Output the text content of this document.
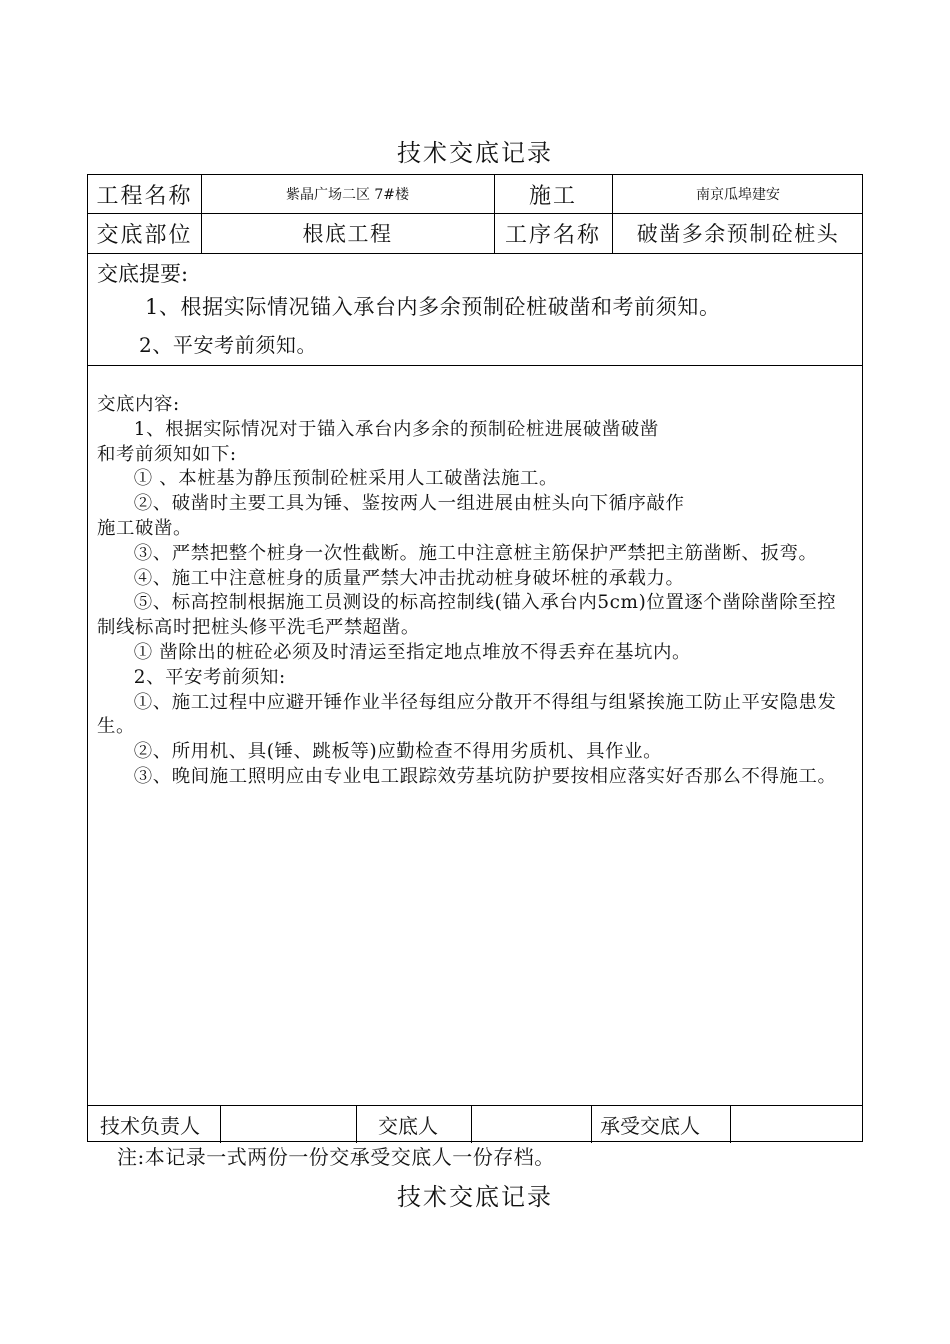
技术交底记录
工程名称	紫晶广场二区 7#楼	施工	南京瓜埠建安
交底部位	根底工程	工序名称	破凿多余预制砼桩头
交底提要:
1、根据实际情况锚入承台内多余预制砼桩破凿和考前须知。
2、平安考前须知。

交底内容:

1、根据实际情况对于锚入承台内多余的预制砼桩进展破凿破凿

和考前须知如下:

① 、本桩基为静压预制砼桩采用人工破凿法施工。

②、破凿时主要工具为锤、鉴按两人一组进展由桩头向下循序敲作

施工破凿。

③、严禁把整个桩身一次性截断。施工中注意桩主筋保护严禁把主筋凿断、扳弯。

④、施工中注意桩身的质量严禁大冲击扰动桩身破坏桩的承载力。

⑤、标高控制根据施工员测设的标高控制线(锚入承台内5cm)位置逐个凿除凿除至控制线标高时把桩头修平洗毛严禁超凿。

① 凿除出的桩砼必须及时清运至指定地点堆放不得丢弃在基坑内。

2、平安考前须知:

①、施工过程中应避开锤作业半径每组应分散开不得组与组紧挨施工防止平安隐患发生。

②、所用机、具(锤、跳板等)应勤检查不得用劣质机、具作业。

③、晚间施工照明应由专业电工跟踪效劳基坑防护要按相应落实好否那么不得施工。

技术负责人	交底人	承受交底人
注:本记录一式两份一份交承受交底人一份存档。
技术交底记录
